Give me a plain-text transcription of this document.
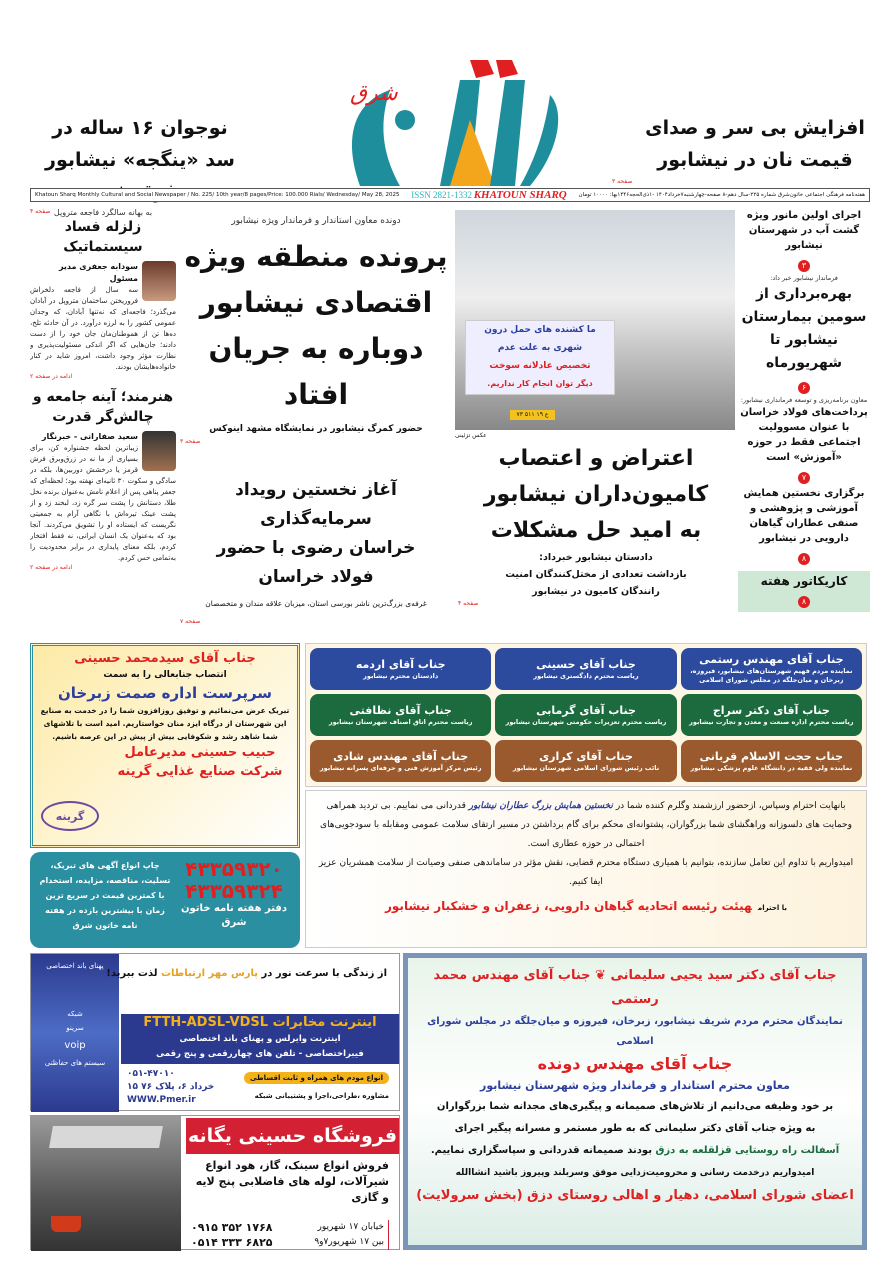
نوجوان ۱۶ ساله در
سد «ینگجه» نیشابور
صفحه ۴
شرق
افزایش بی سر و صدای
قیمت نان در نیشابور
صفحه ۳
Khatoun Sharq Monthly Cultural and Social Newspaper / No. 225/ 10th year/8 pages/Price: 100.000 Rials/ Wednesday/ May 28, 2025 ISSN 2821-1332 KHATOUN SHARQ هفته‌نامه فرهنگی اجتماعی خاتون‌شرق شماره ۲۲۵-سال دهم-۸ صفحه-چهارشنبه۷خرداد۱۴۰۴ -۱ذی‌الحجه۱۴۴۶بها: ۱۰۰۰۰ تومان
به بهانه سالگرد فاجعه متروپل
زلزله فساد سیستماتیک
سودابه جعفری مدیر مسئول
سه سال از فاجعه دلخراش فروریختن ساختمان متروپل در آبادان می‌گذرد؛ فاجعه‌ای که نه‌تنها آبادان، که وجدان عمومی کشور را به لرزه درآورد. در آن حادثه تلخ، ده‌ها تن از هموطنان‌مان جان خود را از دست دادند؛ جان‌هایی که اگر اندکی مسئولیت‌پذیری و نظارت مؤثر وجود داشت، امروز شاید در کنار خانواده‌هایشان بودند.
ادامه در صفحه ۲
هنرمند؛ آینه جامعه و چالش‌گر قدرت
سعید صفارانی - خبرنگار
زیباترین لحظه جشنواره کن، برای بسیاری از ما نه در زرق‌وبرق فرش قرمز یا درخشش دوربین‌ها، بلکه در سادگی و سکوت ۳۰ ثانیه‌ای نهفته بود؛ لحظه‌ای که جعفر پناهی پس از اعلام نامش به‌عنوان برنده نخل طلا، دستانش را پشت سر گره زد، لبخند زد و از پشت عینک تیره‌اش با نگاهی آرام به جمعیتی نگریست که ایستاده او را تشویق می‌کردند. آنجا بود که به‌عنوان یک انسان ایرانی، نه فقط افتخار کردم، بلکه معنای پایداری در برابر محدودیت را به‌تمامی حس کردم.
ادامه در صفحه ۲
دونده معاون استاندار و فرماندار ویژه نیشابور
پرونده منطقه ویژه
اقتصادی نیشابور
دوباره به جریان افتاد
حضور کمرگ نیشابور در نمایشگاه مشهد اینوکس
صفحه ۳
آغاز نخستین رویداد سرمایه‌گذاری
خراسان رضوی با حضور
فولاد خراسان
غرفه‌ی بزرگ‌ترین ناشر بورسی استان، میزبان علاقه مندان و متخصصان
صفحه ۷
ما کشنده های حمل درون
شهری به علت عدم
تخصیص عادلانه سوخت
دیگر توان انجام کار نداریم.
۷۳ ۵۱۱ ع ۱۹
عکس تزئینی
اعتراض و اعتصاب
کامیون‌داران نیشابور
به امید حل مشکلات
دادستان نیشابور خبرداد:
بازداشت تعدادی از مختل‌کنندگان امنیت
رانندگان کامیون در نیشابور
صفحه ۴
اجرای اولین مانور ویژه گشت آب در شهرستان نیشابور
۳
فرماندار نیشابور خبر داد:
بهره‌برداری از سومین بیمارستان نیشابور تا شهریورماه
۶
معاون برنامه‌ریزی و توسعه فرمانداری نیشابور:
پرداخت‌های فولاد خراسان با عنوان مسوولیت اجتماعی فقط در حوزه «آموزش» است
۷
برگزاری نخستین همایش آموزشی و پژوهشی و صنفی عطاران گیاهان دارویی در نیشابور
۸
کاریکاتور هفته
۸
جناب آقای مهندس رستمی
نماینده مردم فهیم شهرستان‌های نیشابور، فیروزه، زبرخان و میان‌جلگه در مجلس شورای اسلامی
جناب آقای حسینی
ریاست محترم دادگستری نیشابور
جناب آقای اردمه
دادستان محترم نیشابور
جناب آقای دکتر سراج
ریاست محترم اداره صنعت و معدن و تجارت نیشابور
جناب آقای گرمابی
ریاست محترم تعزیرات حکومتی شهرستان نیشابور
جناب آقای نظافتی
ریاست محترم اتاق اصناف شهرستان نیشابور
جناب حجت الاسلام قربانی
نماینده ولی فقیه در دانشگاه علوم پزشکی نیشابور
جناب آقای کراری
نائب رئیس شورای اسلامی شهرستان نیشابور
جناب آقای مهندس شادی
رئیس مرکز آموزش فنی و حرفه‌ای پسرانه نیشابور
بانهایت احترام وسپاس، ازحضور ارزشمند وگلرم کننده شما در نخستین همایش بزرگ عطاران نیشابور قدردانی می نماییم. بی تردید همراهی وحمایت های دلسوزانه وراهگشای شما بزرگواران، پشتوانه‌ای محکم برای گام برداشتن در مسیر ارتقای سلامت عمومی ومقابله با سودجویی‌های احتمالی در حوزه عطاری است.
امیدواریم با تداوم این تعامل سازنده، بتوانیم با همیاری دستگاه محترم قضایی، نقش مؤثر در ساماندهی صنفی وصیانت از سلامت همشریان عزیز ایفا کنیم.
با احترامهیئت رئیسه اتحادیه گیاهان دارویی، زعفران و خشکبار نیشابور
جناب آقای سیدمحمد حسینی
انتصاب جنابعالی را به سمت
سرپرست اداره صمت زبرخان
تبریک عرض می‌نمائیم و توفیق روزافزون شما را در خدمت به صنایع این شهرستان از درگاه ایزد منان خواستاریم. امید است با تلاشهای شما شاهد رشد و شکوفایی بیش از پیش در این عرصه باشیم.
حبیب حسینی مدیرعامل
شرکت صنایع غذایی گرینه
گرینه
۴۳۳۵۹۳۲۰
۴۳۳۵۹۳۲۴
دفتر هفته نامه خاتون شرق
چاپ انواع آگهی های تبریک، تسلیت، مناقصه، مزایده، استخدام با کمترین قیمت در سریع ترین زمان با بیشترین بازده در هفته نامه خاتون شرق
پهنای باند اختصاصی
شبکه
سرینو
voip
سیستم های حفاظتی
از زندگی با سرعت نور در پارس مهر ارتباطات لذت ببرید!
اینترنت مخابرات FTTH-ADSL-VDSL
اینترنت وایرلس و پهنای باند اختصاصی
فیبراختصاصی - تلفن های چهاررقمی و پنج رقمی
۰۵۱-۴۷۰۱۰
۱۵ خرداد ۶، پلاک ۷۶
WWW.Pmer.ir
انواع مودم های همراه و ثابت اقساطی
مشاوره ،طراحی،اجرا و پشتیبانی شبکه
فروشگاه حسینی یگانه
فروش انواع سینک، گاز، هود انواع شیرآلات، لوله های فاضلابی پنج لایه و گازی
۰۹۱۵ ۳۵۲ ۱۷۶۸
۰۵۱۴ ۳۳۳ ۶۸۲۵
خیابان ۱۷ شهریور
بین ۱۷ شهریور۷و۹
جناب آقای دکتر سید یحیی سلیمانی ❦ جناب آقای مهندس محمد رستمی
نمایندگان محترم مردم شریف نیشابور، زبرخان، فیروزه و میان‌جلگه در مجلس شورای اسلامی
جناب آقای مهندس دونده
معاون محترم استاندار و فرماندار ویژه شهرستان نیشابور
بر خود وظیفه می‌دانیم از تلاش‌های صمیمانه و پیگیری‌های مجدانه شما بزرگواران
به ویژه جناب آقای دکتر سلیمانی که به طور مستمر و مسرانه پیگیر اجرای
آسفالت راه روستایی قزلقلعه به دزق بودند صمیمانه قدردانی و سپاسگزاری نماییم.
امیدواریم درخدمت رسانی و محرومیت‌زدایی موفق وسربلند وپیروز باشید انشاالله
اعضای شورای اسلامی، دهیار و اهالی روستای دزق (بخش سرولایت)
